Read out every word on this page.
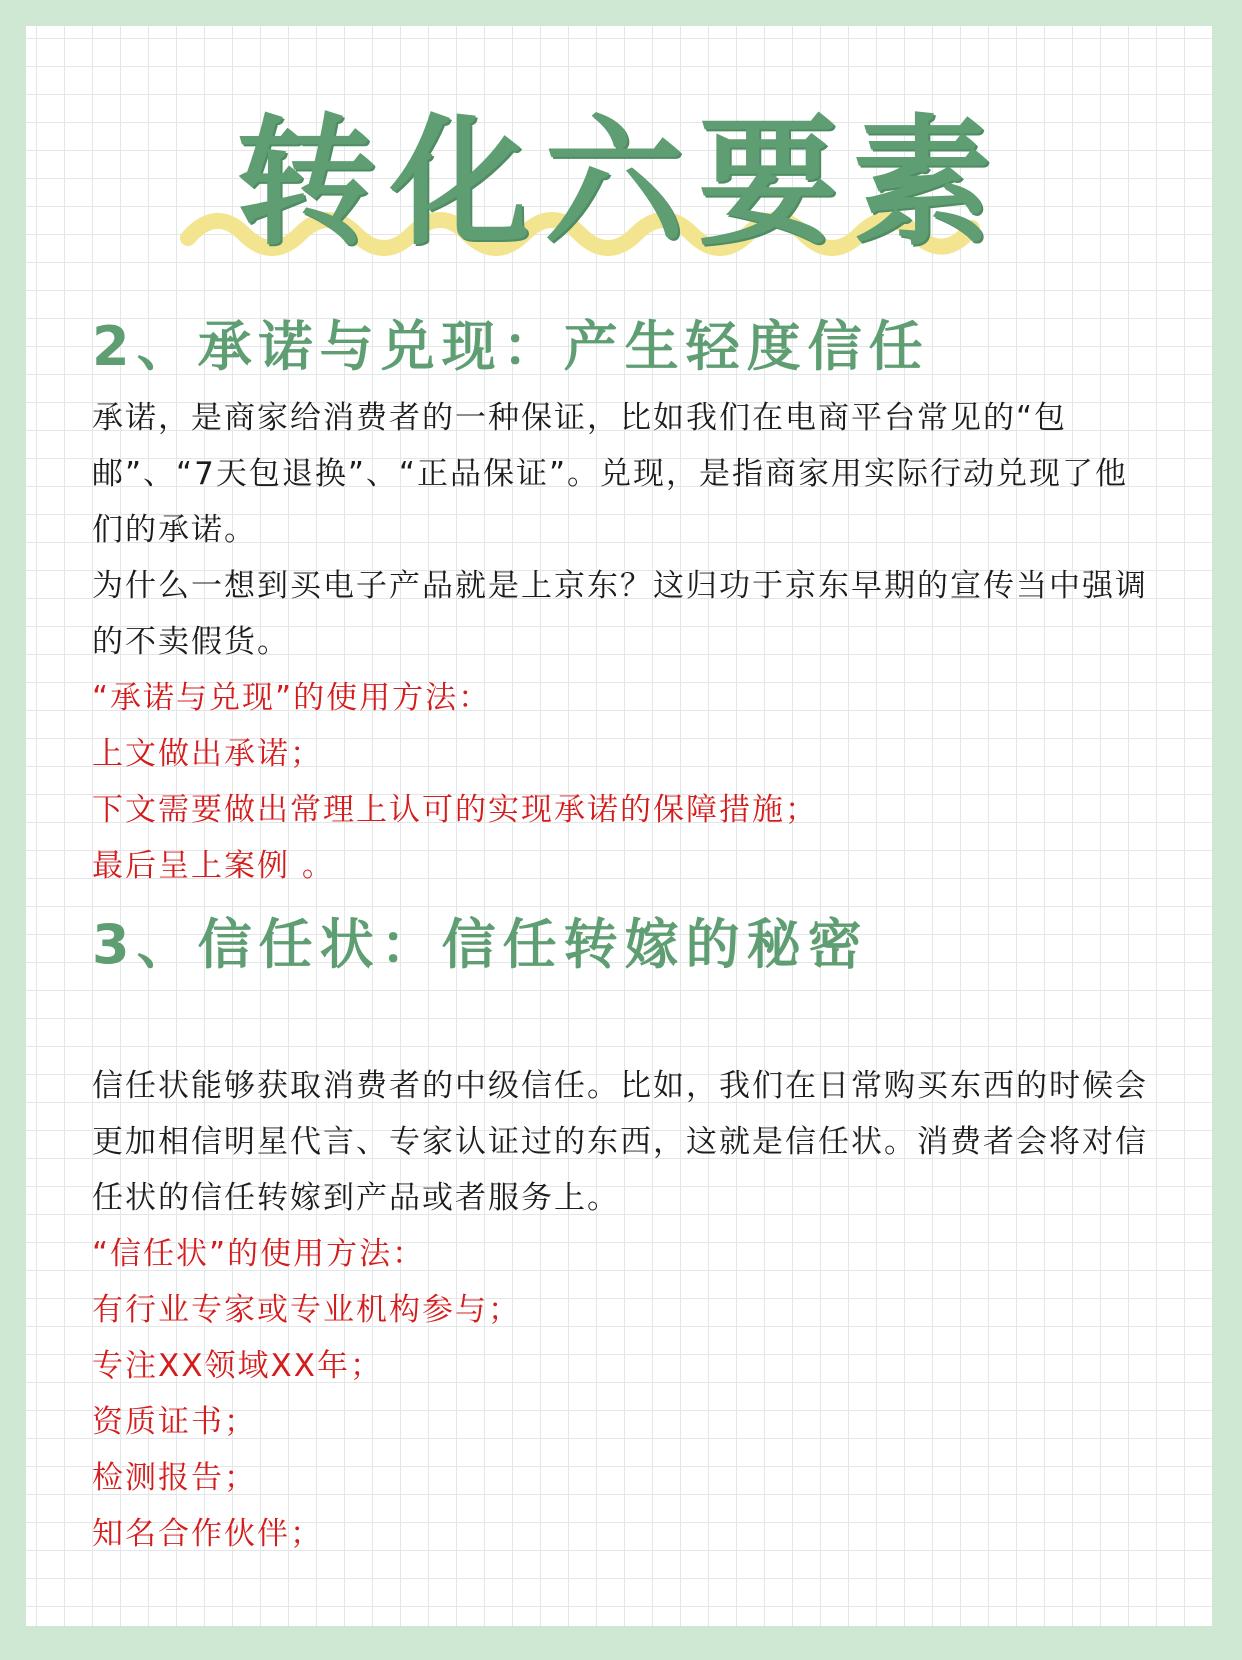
转化六要素
2、承诺与兑现：产生轻度信任

承诺，是商家给消费者的一种保证，比如我们在电商平台常见的“包邮”、“7天包退换”、“正品保证”。兑现，是指商家用实际行动兑现了他们的承诺。

为什么一想到买电子产品就是上京东？这归功于京东早期的宣传当中强调的不卖假货。

“承诺与兑现”的使用方法：

上文做出承诺；

下文需要做出常理上认可的实现承诺的保障措施；

最后呈上案例 。

3、信任状：信任转嫁的秘密

信任状能够获取消费者的中级信任。比如，我们在日常购买东西的时候会更加相信明星代言、专家认证过的东西，这就是信任状。消费者会将对信任状的信任转嫁到产品或者服务上。

“信任状”的使用方法：

有行业专家或专业机构参与；

专注XX领域XX年；

资质证书；

检测报告；

知名合作伙伴；
